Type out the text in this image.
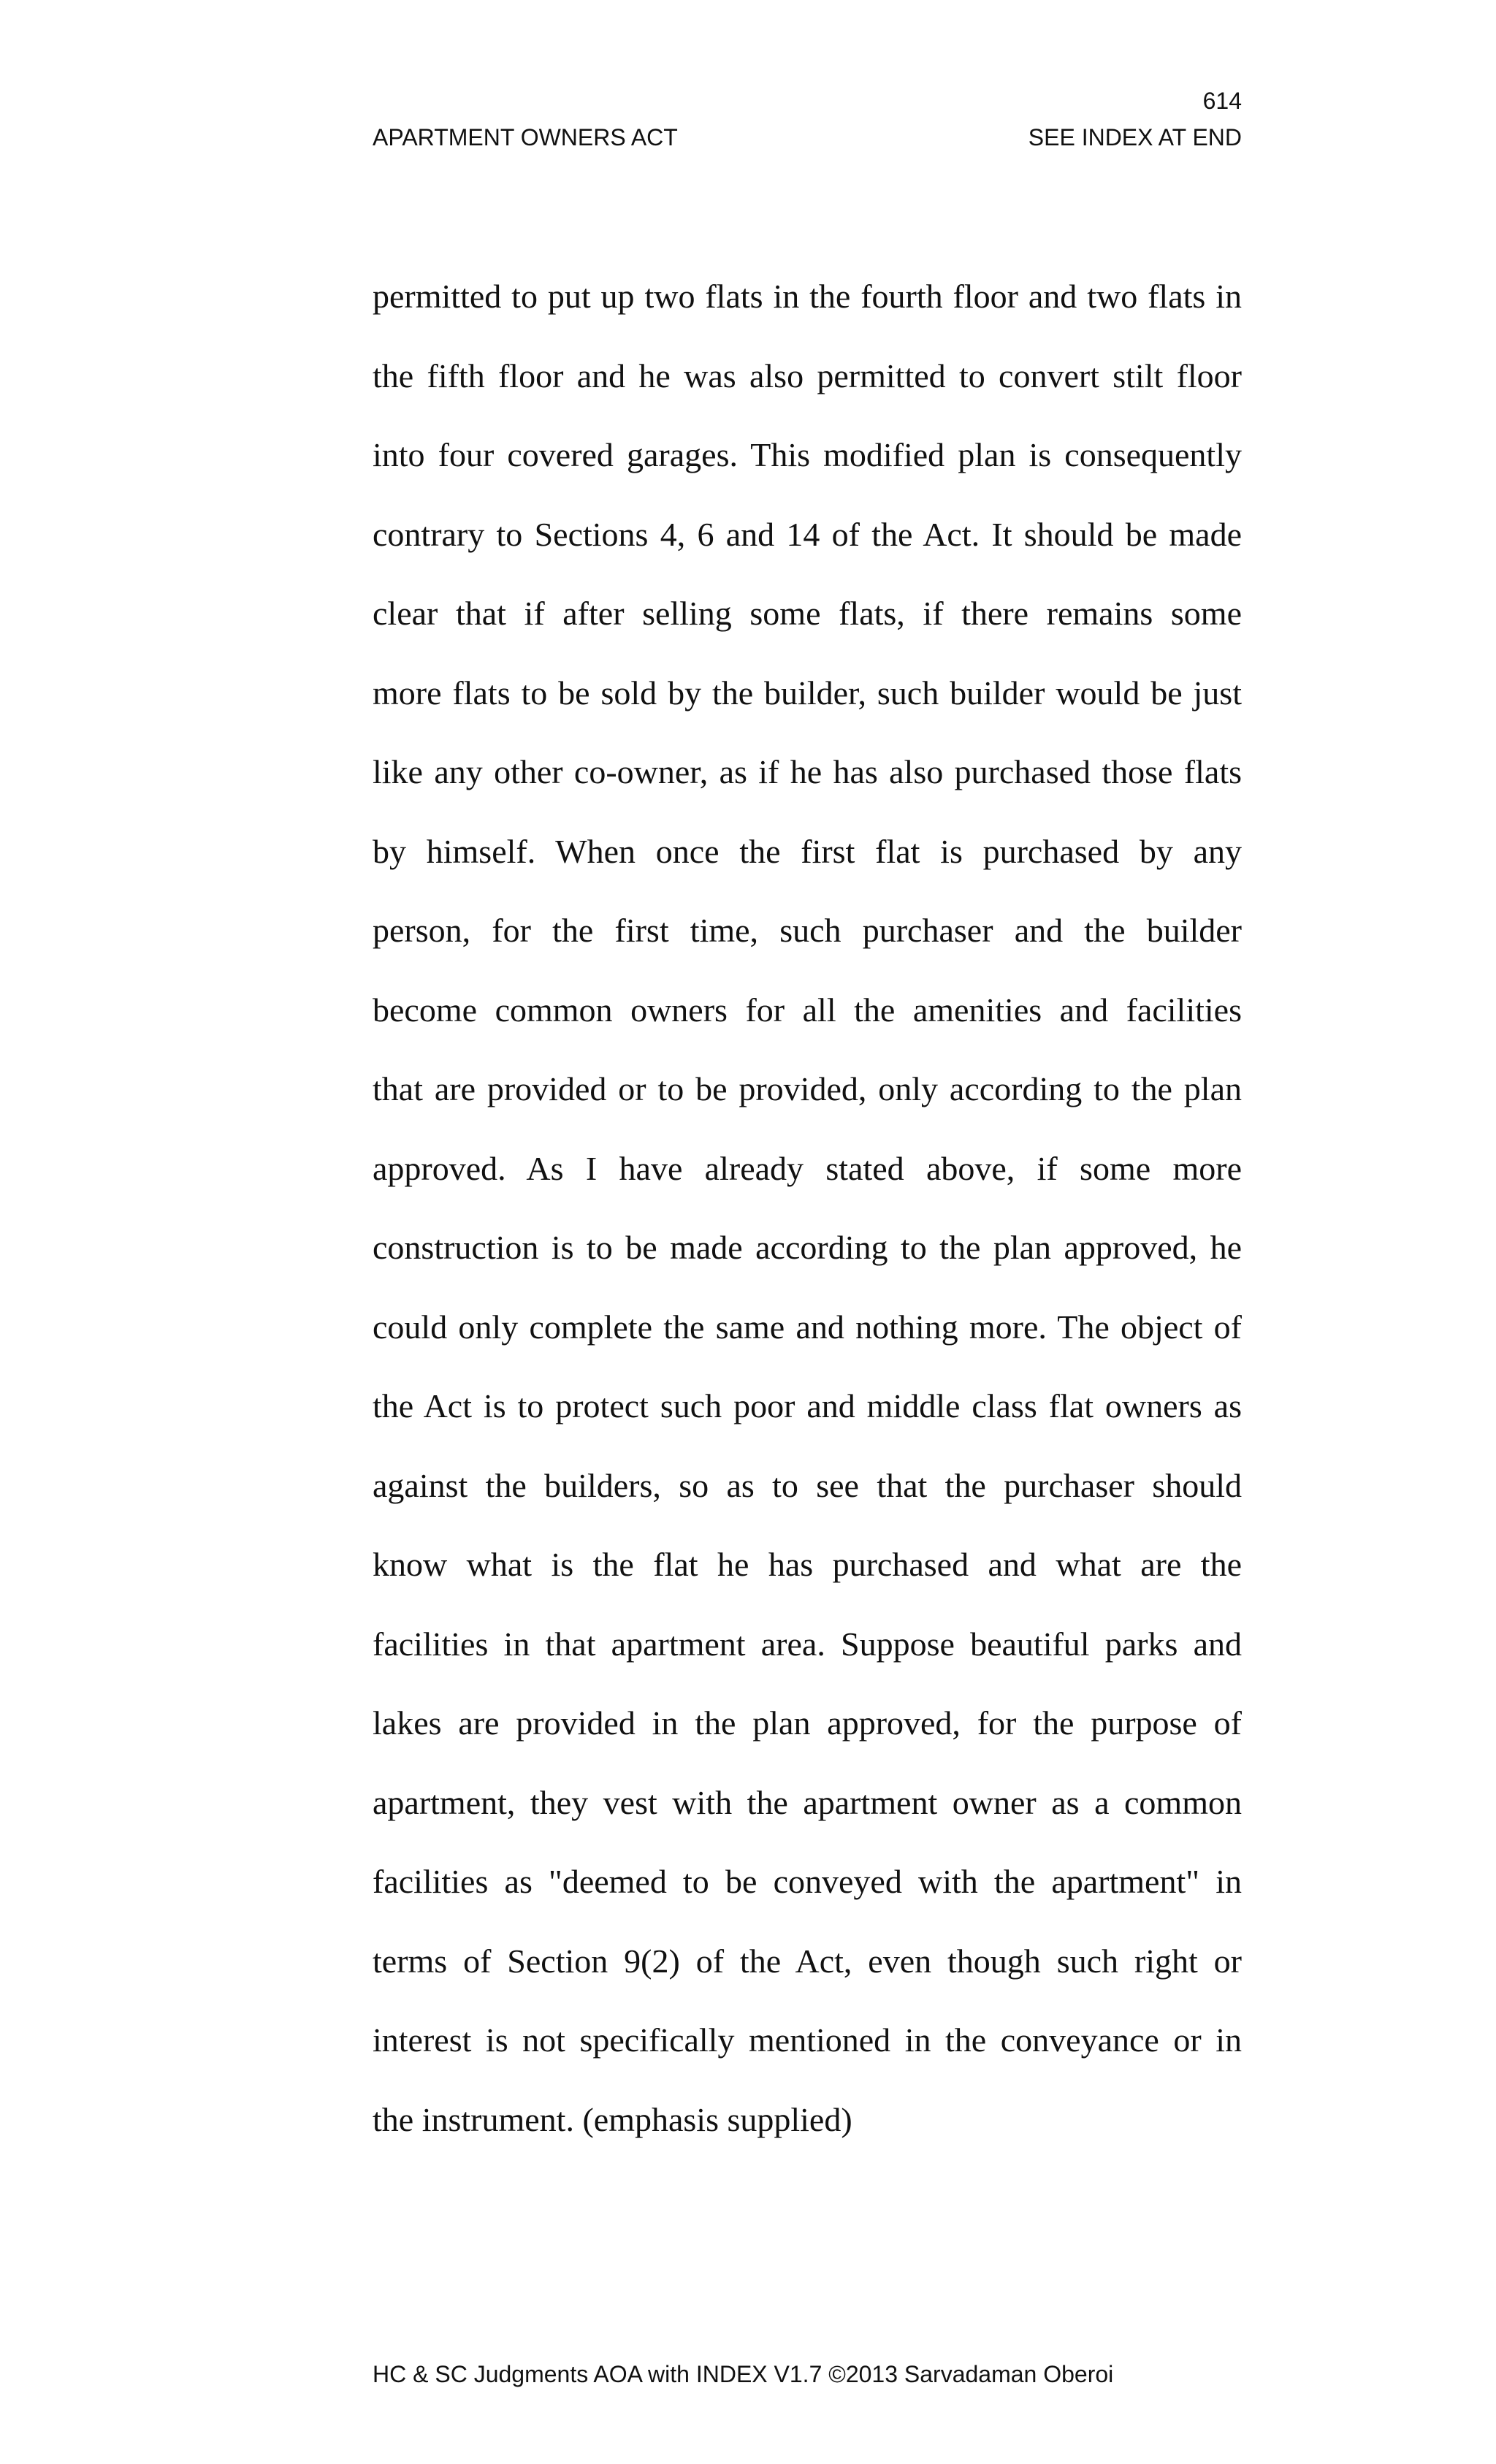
614
APARTMENT OWNERS ACT	SEE INDEX AT END
permitted to put up two flats in the fourth floor and two flats in
the fifth floor and he was also permitted to convert stilt floor
into four covered garages. This modified plan is consequently
contrary to Sections 4, 6 and 14 of the Act. It should be made
clear that if after selling some flats, if there remains some
more flats to be sold by the builder, such builder would be just
like any other co-owner, as if he has also purchased those flats
by himself. When once the first flat is purchased by any
person, for the first time, such purchaser and the builder
become common owners for all the amenities and facilities
that are provided or to be provided, only according to the plan
approved. As I have already stated above, if some more
construction is to be made according to the plan approved, he
could only complete the same and nothing more. The object of
the Act is to protect such poor and middle class flat owners as
against the builders, so as to see that the purchaser should
know what is the flat he has purchased and what are the
facilities in that apartment area. Suppose beautiful parks and
lakes are provided in the plan approved, for the purpose of
apartment, they vest with the apartment owner as a common
facilities as "deemed to be conveyed with the apartment" in
terms of Section 9(2) of the Act, even though such right or
interest is not specifically mentioned in the conveyance or in
the instrument. (emphasis supplied)
HC & SC Judgments AOA with INDEX V1.7 ©2013 Sarvadaman Oberoi
